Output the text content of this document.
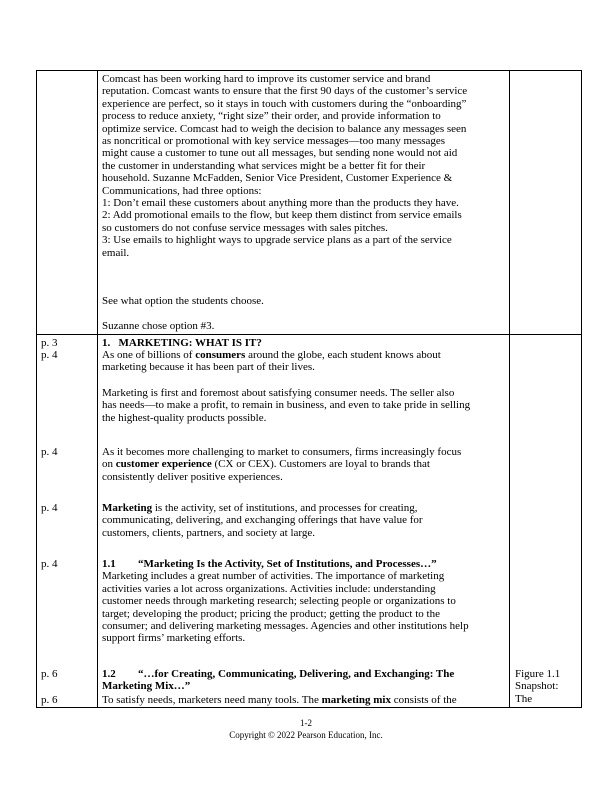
Comcast has been working hard to improve its customer service and brand
reputation. Comcast wants to ensure that the first 90 days of the customer’s service
experience are perfect, so it stays in touch with customers during the “onboarding”
process to reduce anxiety, “right size” their order, and provide information to
optimize service. Comcast had to weigh the decision to balance any messages seen
as noncritical or promotional with key service messages—too many messages
might cause a customer to tune out all messages, but sending none would not aid
the customer in understanding what services might be a better fit for their
household. Suzanne McFadden, Senior Vice President, Customer Experience &
Communications, had three options:
1: Don’t email these customers about anything more than the products they have.
2: Add promotional emails to the flow, but keep them distinct from service emails
so customers do not confuse service messages with sales pitches.
3: Use emails to highlight ways to upgrade service plans as a part of the service
email.
See what option the students choose.
Suzanne chose option #3.
p. 3
p. 4
p. 4
p. 4
p. 4
p. 6
p. 6
1.   MARKETING: WHAT IS IT?
As one of billions of consumers around the globe, each student knows about
marketing because it has been part of their lives.
Marketing is first and foremost about satisfying consumer needs. The seller also
has needs—to make a profit, to remain in business, and even to take pride in selling
the highest-quality products possible.
As it becomes more challenging to market to consumers, firms increasingly focus
on customer experience (CX or CEX). Customers are loyal to brands that
consistently deliver positive experiences.
Marketing is the activity, set of institutions, and processes for creating,
communicating, delivering, and exchanging offerings that have value for
customers, clients, partners, and society at large.
1.1 “Marketing Is the Activity, Set of Institutions, and Processes…”
Marketing includes a great number of activities. The importance of marketing
activities varies a lot across organizations. Activities include: understanding
customer needs through marketing research; selecting people or organizations to
target; developing the product; pricing the product; getting the product to the
consumer; and delivering marketing messages. Agencies and other institutions help
support firms’ marketing efforts.
1.2 “…for Creating, Communicating, Delivering, and Exchanging: The
Marketing Mix…”
To satisfy needs, marketers need many tools. The marketing mix consists of the
Figure 1.1
Snapshot:
The
1-2
Copyright © 2022 Pearson Education, Inc.
